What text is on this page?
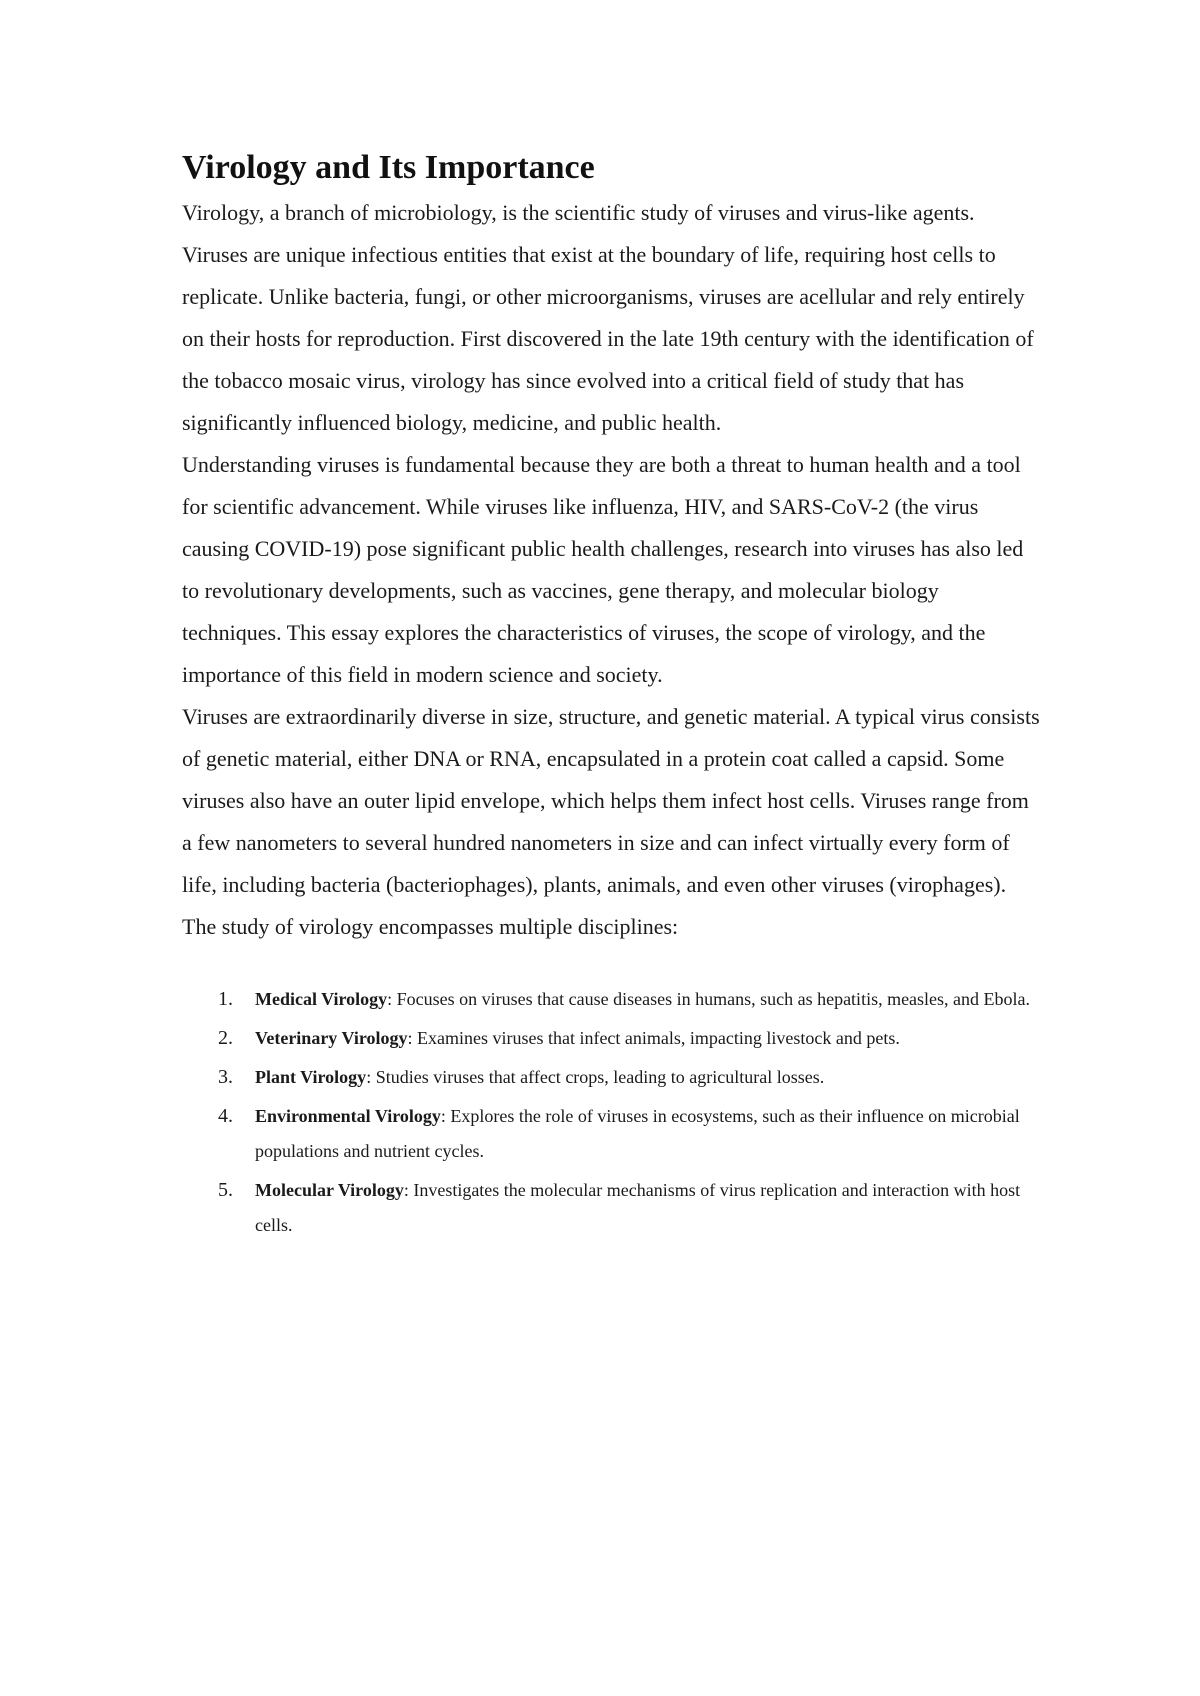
Virology and Its Importance

Virology, a branch of microbiology, is the scientific study of viruses and virus-like agents. Viruses are unique infectious entities that exist at the boundary of life, requiring host cells to replicate. Unlike bacteria, fungi, or other microorganisms, viruses are acellular and rely entirely on their hosts for reproduction. First discovered in the late 19th century with the identification of the tobacco mosaic virus, virology has since evolved into a critical field of study that has significantly influenced biology, medicine, and public health.

Understanding viruses is fundamental because they are both a threat to human health and a tool for scientific advancement. While viruses like influenza, HIV, and SARS-CoV-2 (the virus causing COVID-19) pose significant public health challenges, research into viruses has also led to revolutionary developments, such as vaccines, gene therapy, and molecular biology techniques. This essay explores the characteristics of viruses, the scope of virology, and the importance of this field in modern science and society.

Viruses are extraordinarily diverse in size, structure, and genetic material. A typical virus consists of genetic material, either DNA or RNA, encapsulated in a protein coat called a capsid. Some viruses also have an outer lipid envelope, which helps them infect host cells. Viruses range from a few nanometers to several hundred nanometers in size and can infect virtually every form of life, including bacteria (bacteriophages), plants, animals, and even other viruses (virophages).

The study of virology encompasses multiple disciplines:

1. Medical Virology: Focuses on viruses that cause diseases in humans, such as hepatitis, measles, and Ebola.
2. Veterinary Virology: Examines viruses that infect animals, impacting livestock and pets.
3. Plant Virology: Studies viruses that affect crops, leading to agricultural losses.
4. Environmental Virology: Explores the role of viruses in ecosystems, such as their influence on microbial populations and nutrient cycles.
5. Molecular Virology: Investigates the molecular mechanisms of virus replication and interaction with host cells.
